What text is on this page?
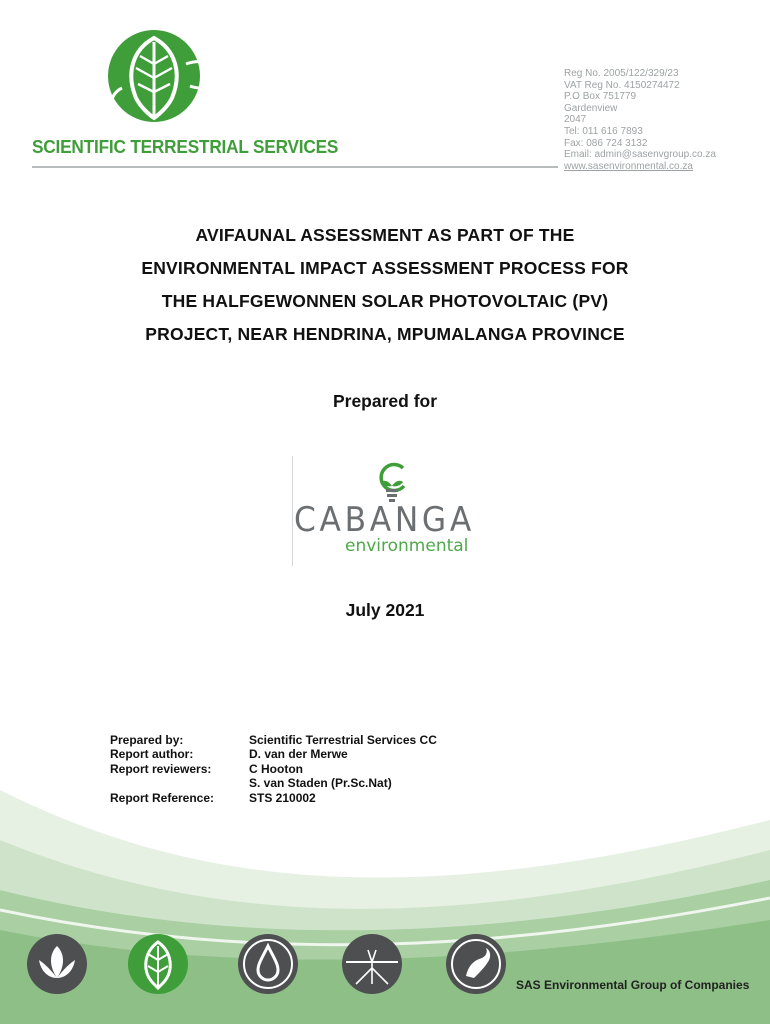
SCIENTIFIC TERRESTRIAL SERVICES
Reg No. 2005/122/329/23
VAT Reg No. 4150274472
P.O Box 751779
Gardenview
2047
Tel: 011 616 7893
Fax: 086 724 3132
Email: admin@sasenvgroup.co.za
www.sasenvironmental.co.za
AVIFAUNAL ASSESSMENT AS PART OF THE
ENVIRONMENTAL IMPACT ASSESSMENT PROCESS FOR
THE HALFGEWONNEN SOLAR PHOTOVOLTAIC (PV)
PROJECT, NEAR HENDRINA, MPUMALANGA PROVINCE
Prepared for
CABANGA
environmental
July 2021
Prepared by:	Scientific Terrestrial Services CC
Report author:	D. van der Merwe
Report reviewers:	C Hooton
S. van Staden (Pr.Sc.Nat)
Report Reference:	STS 210002
SAS Environmental Group of Companies
